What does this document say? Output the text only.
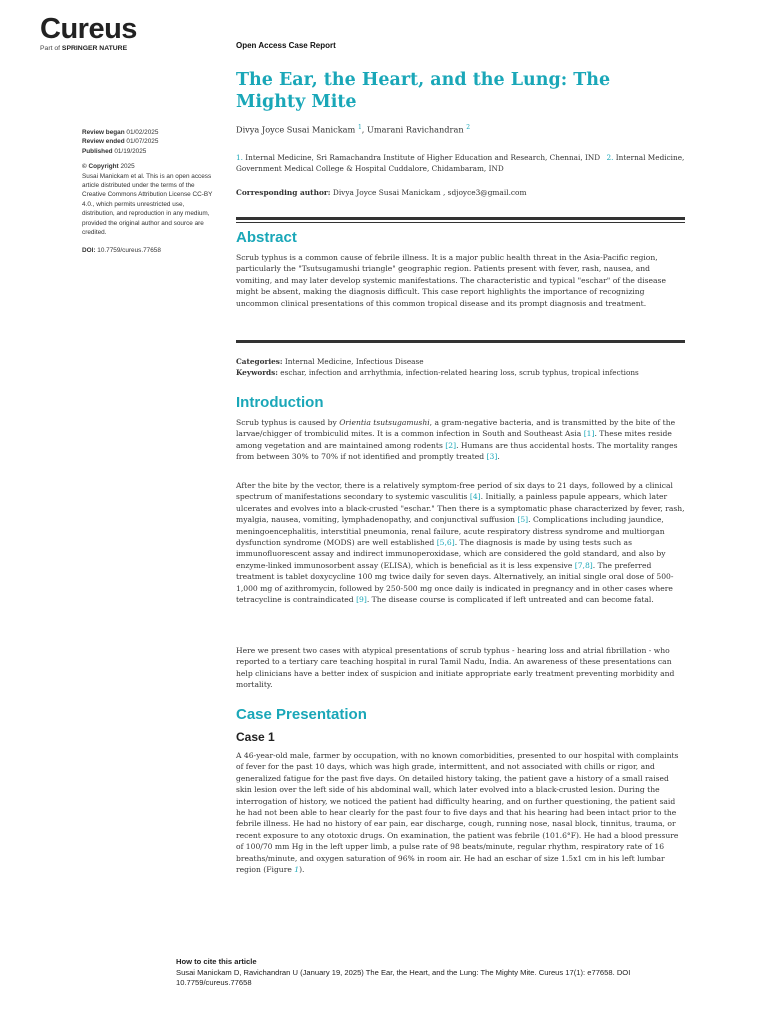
Cureus
Part of SPRINGER NATURE	Open Access Case Report
The Ear, the Heart, and the Lung: The Mighty Mite
Review began 01/02/2025
Review ended 01/07/2025
Published 01/19/2025
© Copyright 2025
Susai Manickam et al. This is an open access article distributed under the terms of the Creative Commons Attribution License CC-BY 4.0., which permits unrestricted use, distribution, and reproduction in any medium, provided the original author and source are credited.
DOI: 10.7759/cureus.77658
Divya Joyce Susai Manickam $^1$, Umarani Ravichandran $^2$
1. Internal Medicine, Sri Ramachandra Institute of Higher Education and Research, Chennai, IND 2. Internal Medicine, Government Medical College & Hospital Cuddalore, Chidambaram, IND
Corresponding author: Divya Joyce Susai Manickam , sdjoyce3@gmail.com
Abstract

Scrub typhus is a common cause of febrile illness. It is a major public health threat in the Asia-Pacific region, particularly the "Tsutsugamushi triangle" geographic region. Patients present with fever, rash, nausea, and vomiting, and may later develop systemic manifestations. The characteristic and typical "eschar" of the disease might be absent, making the diagnosis difficult. This case report highlights the importance of recognizing uncommon clinical presentations of this common tropical disease and its prompt diagnosis and treatment.

Categories: Internal Medicine, Infectious Disease
Keywords: eschar, infection and arrhythmia, infection-related hearing loss, scrub typhus, tropical infections
Introduction

Scrub typhus is caused by Orientia tsutsugamushi, a gram-negative bacteria, and is transmitted by the bite of the larvae/chigger of trombiculid mites. It is a common infection in South and Southeast Asia [1]. These mites reside among vegetation and are maintained among rodents [2]. Humans are thus accidental hosts. The mortality ranges from between 30% to 70% if not identified and promptly treated [3].

After the bite by the vector, there is a relatively symptom-free period of six days to 21 days, followed by a clinical spectrum of manifestations secondary to systemic vasculitis [4]. Initially, a painless papule appears, which later ulcerates and evolves into a black-crusted "eschar." Then there is a symptomatic phase characterized by fever, rash, myalgia, nausea, vomiting, lymphadenopathy, and conjunctival suffusion [5]. Complications including jaundice, meningoencephalitis, interstitial pneumonia, renal failure, acute respiratory distress syndrome and multiorgan dysfunction syndrome (MODS) are well established [5,6]. The diagnosis is made by using tests such as immunofluorescent assay and indirect immunoperoxidase, which are considered the gold standard, and also by enzyme-linked immunosorbent assay (ELISA), which is beneficial as it is less expensive [7,8]. The preferred treatment is tablet doxycycline 100 mg twice daily for seven days. Alternatively, an initial single oral dose of 500-1,000 mg of azithromycin, followed by 250-500 mg once daily is indicated in pregnancy and in other cases where tetracycline is contraindicated [9]. The disease course is complicated if left untreated and can become fatal.

Here we present two cases with atypical presentations of scrub typhus - hearing loss and atrial fibrillation - who reported to a tertiary care teaching hospital in rural Tamil Nadu, India. An awareness of these presentations can help clinicians have a better index of suspicion and initiate appropriate early treatment preventing morbidity and mortality.

Case Presentation
Case 1

A 46-year-old male, farmer by occupation, with no known comorbidities, presented to our hospital with complaints of fever for the past 10 days, which was high grade, intermittent, and not associated with chills or rigor, and generalized fatigue for the past five days. On detailed history taking, the patient gave a history of a small raised skin lesion over the left side of his abdominal wall, which later evolved into a black-crusted lesion. During the interrogation of history, we noticed the patient had difficulty hearing, and on further questioning, the patient said he had not been able to hear clearly for the past four to five days and that his hearing had been intact prior to the febrile illness. He had no history of ear pain, ear discharge, cough, running nose, nasal block, tinnitus, trauma, or recent exposure to any ototoxic drugs. On examination, the patient was febrile (101.6°F). He had a blood pressure of 100/70 mm Hg in the left upper limb, a pulse rate of 98 beats/minute, regular rhythm, respiratory rate of 16 breaths/minute, and oxygen saturation of 96% in room air. He had an eschar of size 1.5x1 cm in his left lumbar region (Figure 1).

How to cite this article
Susai Manickam D, Ravichandran U (January 19, 2025) The Ear, the Heart, and the Lung: The Mighty Mite. Cureus 17(1): e77658. DOI 10.7759/cureus.77658
